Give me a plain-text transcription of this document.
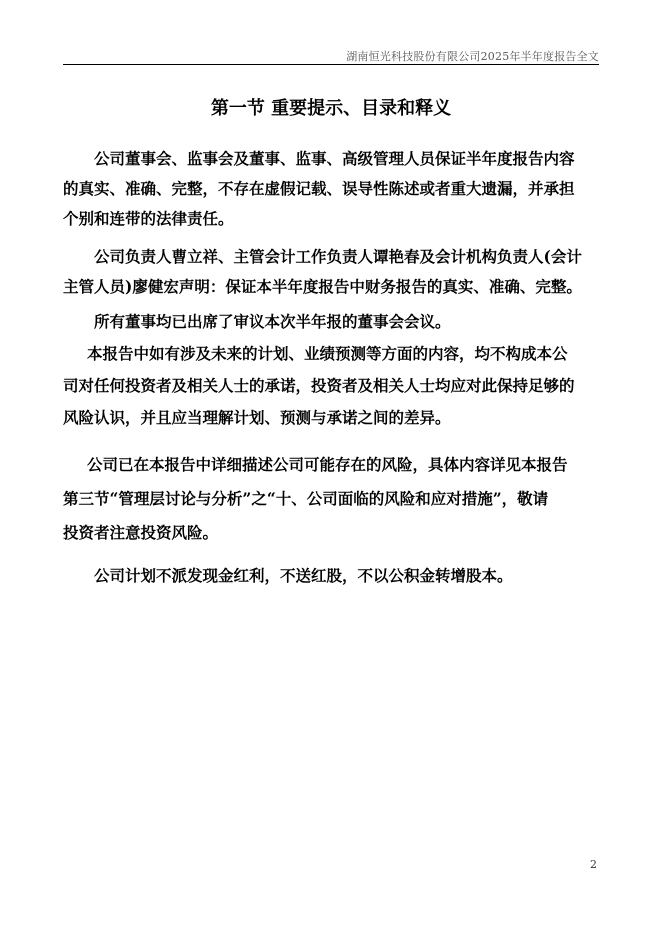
湖南恒光科技股份有限公司2025年半年度报告全文
第一节 重要提示、目录和释义
公司董事会、监事会及董事、监事、高级管理人员保证半年度报告内容
的真实、准确、完整，不存在虚假记载、误导性陈述或者重大遗漏，并承担
个别和连带的法律责任。
公司负责人曹立祥、主管会计工作负责人谭艳春及会计机构负责人(会计
主管人员)廖健宏声明：保证本半年度报告中财务报告的真实、准确、完整。
所有董事均已出席了审议本次半年报的董事会会议。
本报告中如有涉及未来的计划、业绩预测等方面的内容，均不构成本公
司对任何投资者及相关人士的承诺，投资者及相关人士均应对此保持足够的
风险认识，并且应当理解计划、预测与承诺之间的差异。
公司已在本报告中详细描述公司可能存在的风险，具体内容详见本报告
第三节“管理层讨论与分析”之“十、公司面临的风险和应对措施”，敬请
投资者注意投资风险。
公司计划不派发现金红利，不送红股，不以公积金转增股本。
2
